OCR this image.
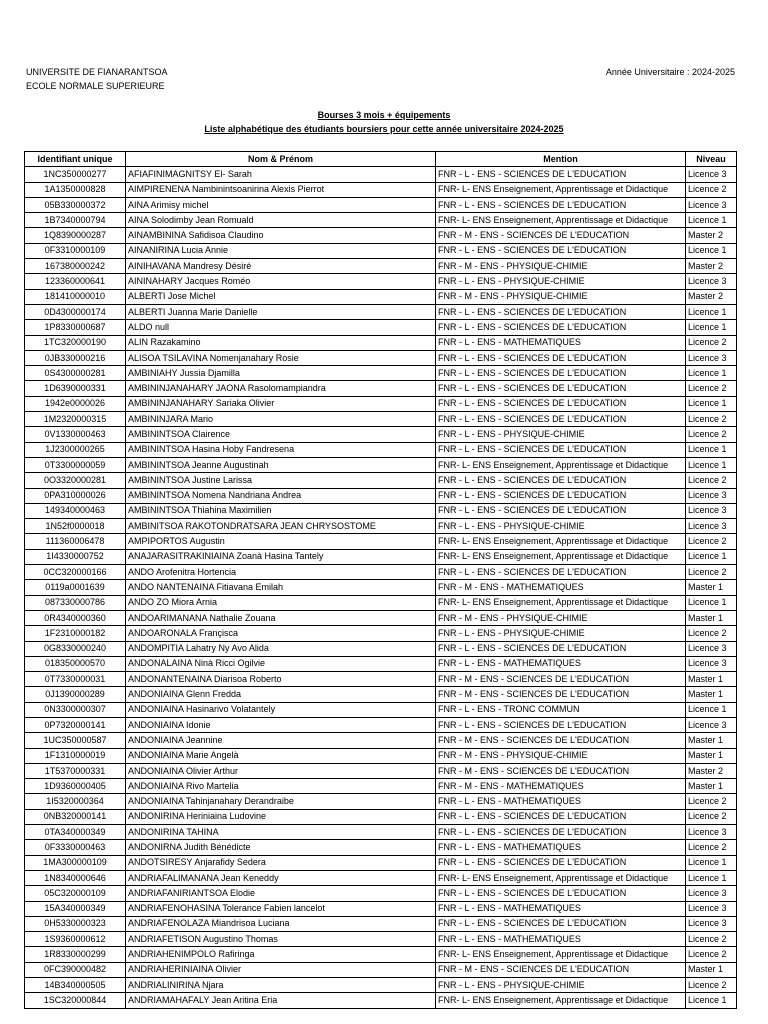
UNIVERSITE DE FIANARANTSOA
ECOLE NORMALE SUPERIEURE
Année Universitaire : 2024-2025
Bourses 3 mois + équipements
Liste alphabétique des étudiants boursiers pour cette année universitaire 2024-2025
Identifiant unique	Nom & Prénom	Mention	Niveau
1NC350000277	AFIAFINIMAGNITSY El- Sarah	FNR - L - ENS - SCIENCES DE L'EDUCATION	Licence 3
1A1350000828	AIMPIRENENA Nambinintsoanirina Alexis Pierrot	FNR- L- ENS Enseignement, Apprentissage et Didactique	Licence 2
05B330000372	AINA Arimisy michel	FNR - L - ENS - SCIENCES DE L'EDUCATION	Licence 3
1B7340000794	AINA Solodimby Jean Romuald	FNR- L- ENS Enseignement, Apprentissage et Didactique	Licence 1
1Q8390000287	AINAMBININA Safidisoa Claudino	FNR - M - ENS - SCIENCES DE L'EDUCATION	Master 2
0F3310000109	AINANIRINA Lucia Annie	FNR - L - ENS - SCIENCES DE L'EDUCATION	Licence 1
167380000242	AINIHAVANA Mandresy Désiré	FNR - M - ENS - PHYSIQUE-CHIMIE	Master 2
123360000641	AININAHARY Jacques Roméo	FNR - L - ENS - PHYSIQUE-CHIMIE	Licence 3
181410000010	ALBERTI Jose Michel	FNR - M - ENS - PHYSIQUE-CHIMIE	Master 2
0D4300000174	ALBERTI Juanna Marie Danielle	FNR - L - ENS - SCIENCES DE L'EDUCATION	Licence 1
1P8330000687	ALDO null	FNR - L - ENS - SCIENCES DE L'EDUCATION	Licence 1
1TC320000190	ALIN Razakamino	FNR - L - ENS - MATHEMATIQUES	Licence 2
0JB330000216	ALISOA TSILAVINA Nomenjanahary Rosie	FNR - L - ENS - SCIENCES DE L'EDUCATION	Licence 3
0S4300000281	AMBINIAHY Jussia Djamilla	FNR - L - ENS - SCIENCES DE L'EDUCATION	Licence 1
1D6390000331	AMBININJANAHARY JAONA Rasolomampiandra	FNR - L - ENS - SCIENCES DE L'EDUCATION	Licence 2
1942e0000026	AMBININJANAHARY Sariaka Olivier	FNR - L - ENS - SCIENCES DE L'EDUCATION	Licence 1
1M2320000315	AMBININJARA Mario	FNR - L - ENS - SCIENCES DE L'EDUCATION	Licence 2
0V1330000463	AMBININTSOA Clairence	FNR - L - ENS - PHYSIQUE-CHIMIE	Licence 2
1J2300000265	AMBININTSOA Hasina Hoby Fandresena	FNR - L - ENS - SCIENCES DE L'EDUCATION	Licence 1
0T3300000059	AMBININTSOA Jeanne Augustinah	FNR- L- ENS Enseignement, Apprentissage et Didactique	Licence 1
0O3320000281	AMBININTSOA Justine Larissa	FNR - L - ENS - SCIENCES DE L'EDUCATION	Licence 2
0PA310000026	AMBININTSOA Nomena Nandriana Andrea	FNR - L - ENS - SCIENCES DE L'EDUCATION	Licence 3
149340000463	AMBININTSOA Thiahina Maximilien	FNR - L - ENS - SCIENCES DE L'EDUCATION	Licence 3
1N52f0000018	AMBINITSOA RAKOTONDRATSARA JEAN CHRYSOSTOME	FNR - L - ENS - PHYSIQUE-CHIMIE	Licence 3
111360006478	AMPIPORTOS Augustin	FNR- L- ENS Enseignement, Apprentissage et Didactique	Licence 2
1I4330000752	ANAJARASITRAKINIAINA Zoanà Hasina Tantely	FNR- L- ENS Enseignement, Apprentissage et Didactique	Licence 1
0CC320000166	ANDO Arofenitra Hortencia	FNR - L - ENS - SCIENCES DE L'EDUCATION	Licence 2
0119a0001639	ANDO NANTENAINA Fitiavana Emilah	FNR - M - ENS - MATHEMATIQUES	Master 1
087330000786	ANDO ZO Miora Arnia	FNR- L- ENS Enseignement, Apprentissage et Didactique	Licence 1
0R4340000360	ANDOARIMANANA Nathalie Zouana	FNR - M - ENS - PHYSIQUE-CHIMIE	Master 1
1F2310000182	ANDOARONALA Françisca	FNR - L - ENS - PHYSIQUE-CHIMIE	Licence 2
0G8330000240	ANDOMPITIA Lahatry Ny Avo Alida	FNR - L - ENS - SCIENCES DE L'EDUCATION	Licence 3
018350000570	ANDONALAINA Ninà Ricci Ogilvie	FNR - L - ENS - MATHEMATIQUES	Licence 3
0T7330000031	ANDONANTENAINA Diarisoa Roberto	FNR - M - ENS - SCIENCES DE L'EDUCATION	Master 1
0J1390000289	ANDONIAINA Glenn Fredda	FNR - M - ENS - SCIENCES DE L'EDUCATION	Master 1
0N3300000307	ANDONIAINA Hasinarivo Volatantely	FNR - L - ENS - TRONC COMMUN	Licence 1
0P7320000141	ANDONIAINA Idonie	FNR - L - ENS - SCIENCES DE L'EDUCATION	Licence 3
1UC350000587	ANDONIAINA Jeannine	FNR - M - ENS - SCIENCES DE L'EDUCATION	Master 1
1F1310000019	ANDONIAINA Marie Angelà	FNR - M - ENS - PHYSIQUE-CHIMIE	Master 1
1T5370000331	ANDONIAINA Olivier Arthur	FNR - M - ENS - SCIENCES DE L'EDUCATION	Master 2
1D9360000405	ANDONIAINA Rivo Martelia	FNR - M - ENS - MATHEMATIQUES	Master 1
1I5320000364	ANDONIAINA Tahinjanahary Derandraibe	FNR - L - ENS - MATHEMATIQUES	Licence 2
0NB320000141	ANDONIRINA Heriniaina Ludovine	FNR - L - ENS - SCIENCES DE L'EDUCATION	Licence 2
0TA340000349	ANDONIRINA TAHINA	FNR - L - ENS - SCIENCES DE L'EDUCATION	Licence 3
0F3330000463	ANDONIRNA Judith Bénédicte	FNR - L - ENS - MATHEMATIQUES	Licence 2
1MA300000109	ANDOTSIRESY Anjarafidy Sedera	FNR - L - ENS - SCIENCES DE L'EDUCATION	Licence 1
1N8340000646	ANDRIAFALIMANANA Jean Keneddy	FNR- L- ENS Enseignement, Apprentissage et Didactique	Licence 1
05C320000109	ANDRIAFANIRIANTSOA Elodie	FNR - L - ENS - SCIENCES DE L'EDUCATION	Licence 3
15A340000349	ANDRIAFENOHASINA Tolerance Fabien lancelot	FNR - L - ENS - MATHEMATIQUES	Licence 3
0H5330000323	ANDRIAFENOLAZA Miandrisoa Luciana	FNR - L - ENS - SCIENCES DE L'EDUCATION	Licence 3
1S9360000612	ANDRIAFETISON Augustino Thomas	FNR - L - ENS - MATHEMATIQUES	Licence 2
1R8330000299	ANDRIAHENIMPOLO Rafiringa	FNR- L- ENS Enseignement, Apprentissage et Didactique	Licence 2
0FC390000482	ANDRIAHERINIAINA Olivier	FNR - M - ENS - SCIENCES DE L'EDUCATION	Master 1
14B340000505	ANDRIALINIRINA Njara	FNR - L - ENS - PHYSIQUE-CHIMIE	Licence 2
1SC320000844	ANDRIAMAHAFALY Jean Aritina Eria	FNR- L- ENS Enseignement, Apprentissage et Didactique	Licence 1
